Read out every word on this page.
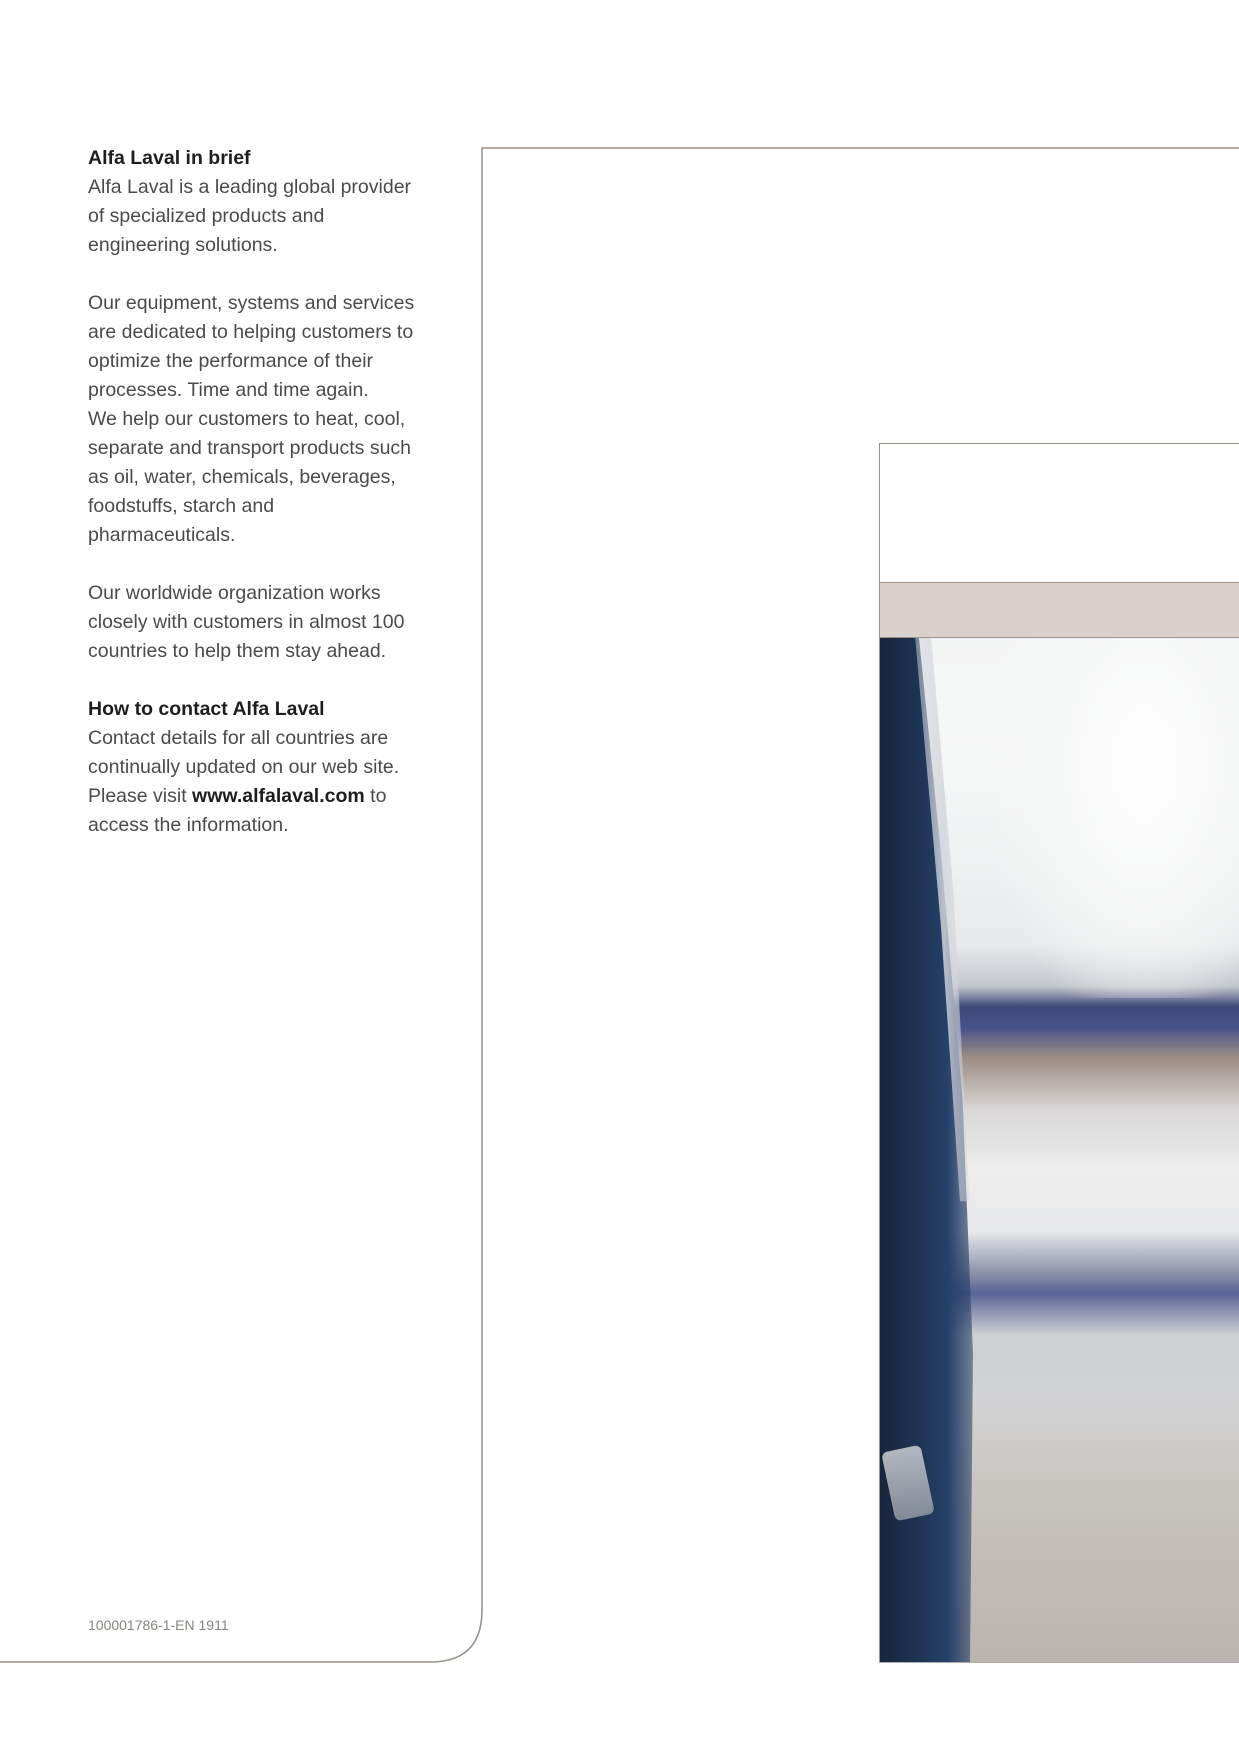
Alfa Laval in brief

Alfa Laval is a leading global provider
of specialized products and
engineering solutions.

Our equipment, systems and services
are dedicated to helping customers to
optimize the performance of their
processes. Time and time again.
We help our customers to heat, cool,
separate and transport products such
as oil, water, chemicals, beverages,
foodstuffs, starch and
pharmaceuticals.

Our worldwide organization works
closely with customers in almost 100
countries to help them stay ahead.

How to contact Alfa Laval

Contact details for all countries are
continually updated on our web site.
Please visit www.alfalaval.com to
access the information.

100001786-1-EN 1911
